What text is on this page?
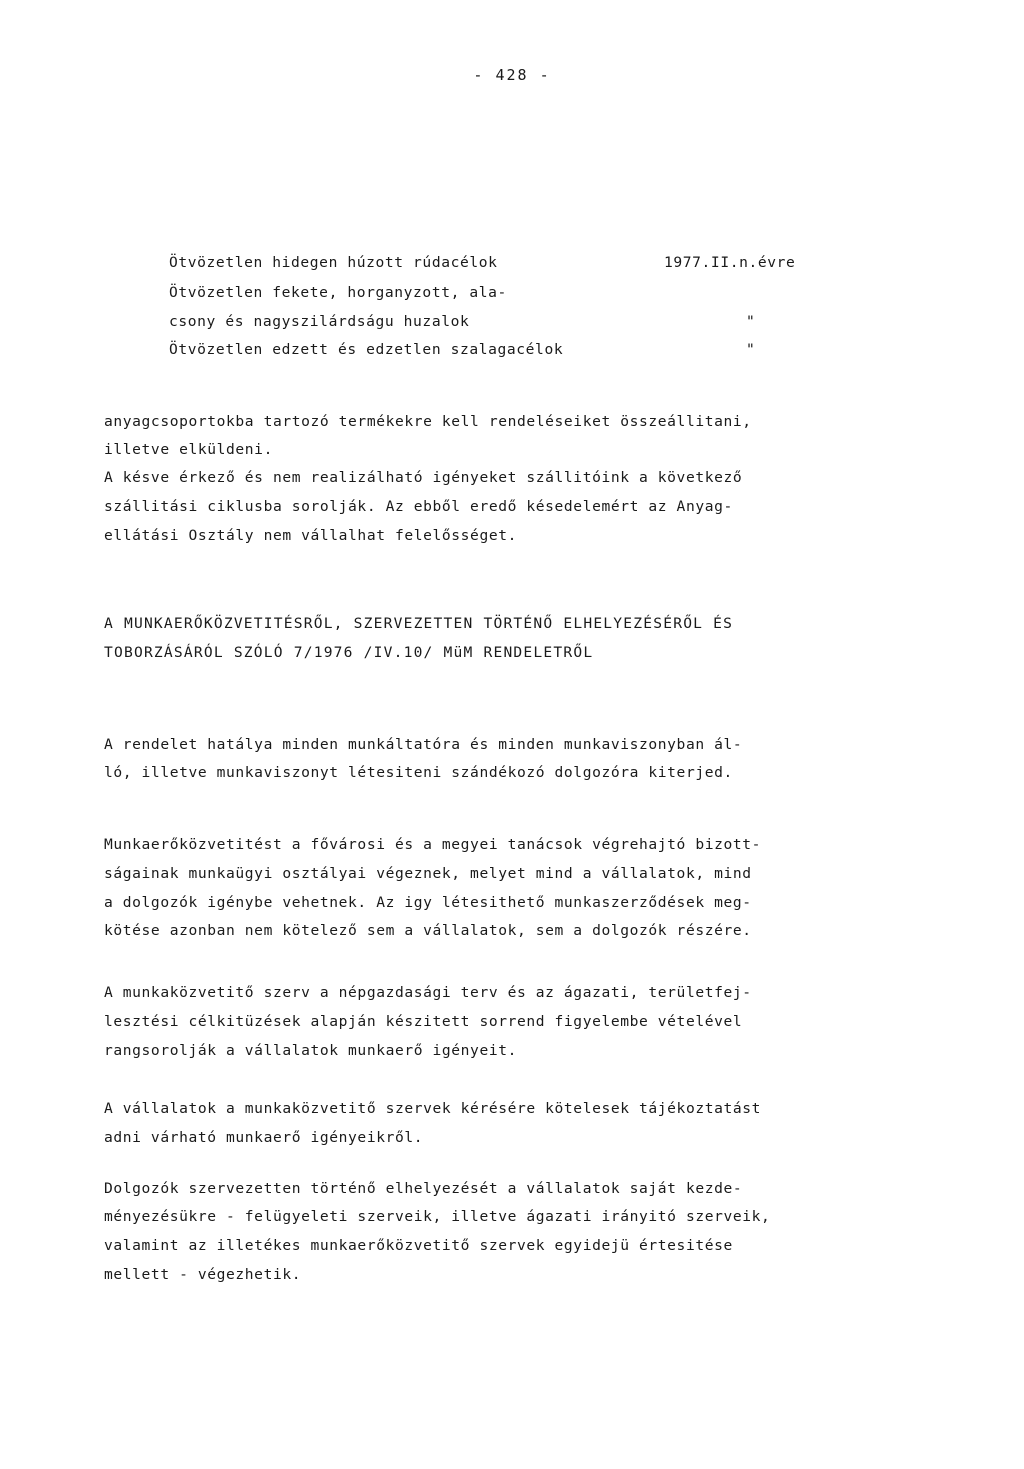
- 428 -
Ötvözetlen hidegen húzott rúdacélok	1977.II.n.évre
Ötvözetlen fekete, horganyzott, ala-
csony és nagyszilárdságu huzalok	"
Ötvözetlen edzett és edzetlen szalagacélok	"
anyagcsoportokba tartozó termékekre kell rendeléseiket összeállitani,
illetve elküldeni.
A késve érkező és nem realizálható igényeket szállitóink a következő
szállitási ciklusba sorolják. Az ebből eredő késedelemért az Anyag-
ellátási Osztály nem vállalhat felelősséget.
A MUNKAERŐKÖZVETITÉSRŐL, SZERVEZETTEN TÖRTÉNŐ ELHELYEZÉSÉRŐL ÉS
TOBORZÁSÁRÓL SZÓLÓ 7/1976 /IV.10/ MüM RENDELETRŐL
A rendelet hatálya minden munkáltatóra és minden munkaviszonyban ál-
ló, illetve munkaviszonyt létesiteni szándékozó dolgozóra kiterjed.
Munkaerőközvetitést a fővárosi és a megyei tanácsok végrehajtó bizott-
ságainak munkaügyi osztályai végeznek, melyet mind a vállalatok, mind
a dolgozók igénybe vehetnek. Az igy létesithető munkaszerződések meg-
kötése azonban nem kötelező sem a vállalatok, sem a dolgozók részére.
A munkaközvetitő szerv a népgazdasági terv és az ágazati, területfej-
lesztési célkitüzések alapján készitett sorrend figyelembe vételével
rangsorolják a vállalatok munkaerő igényeit.
A vállalatok a munkaközvetitő szervek kérésére kötelesek tájékoztatást
adni várható munkaerő igényeikről.
Dolgozók szervezetten történő elhelyezését a vállalatok saját kezde-
ményezésükre - felügyeleti szerveik, illetve ágazati irányitó szerveik,
valamint az illetékes munkaerőközvetitő szervek egyidejü értesitése
mellett - végezhetik.
